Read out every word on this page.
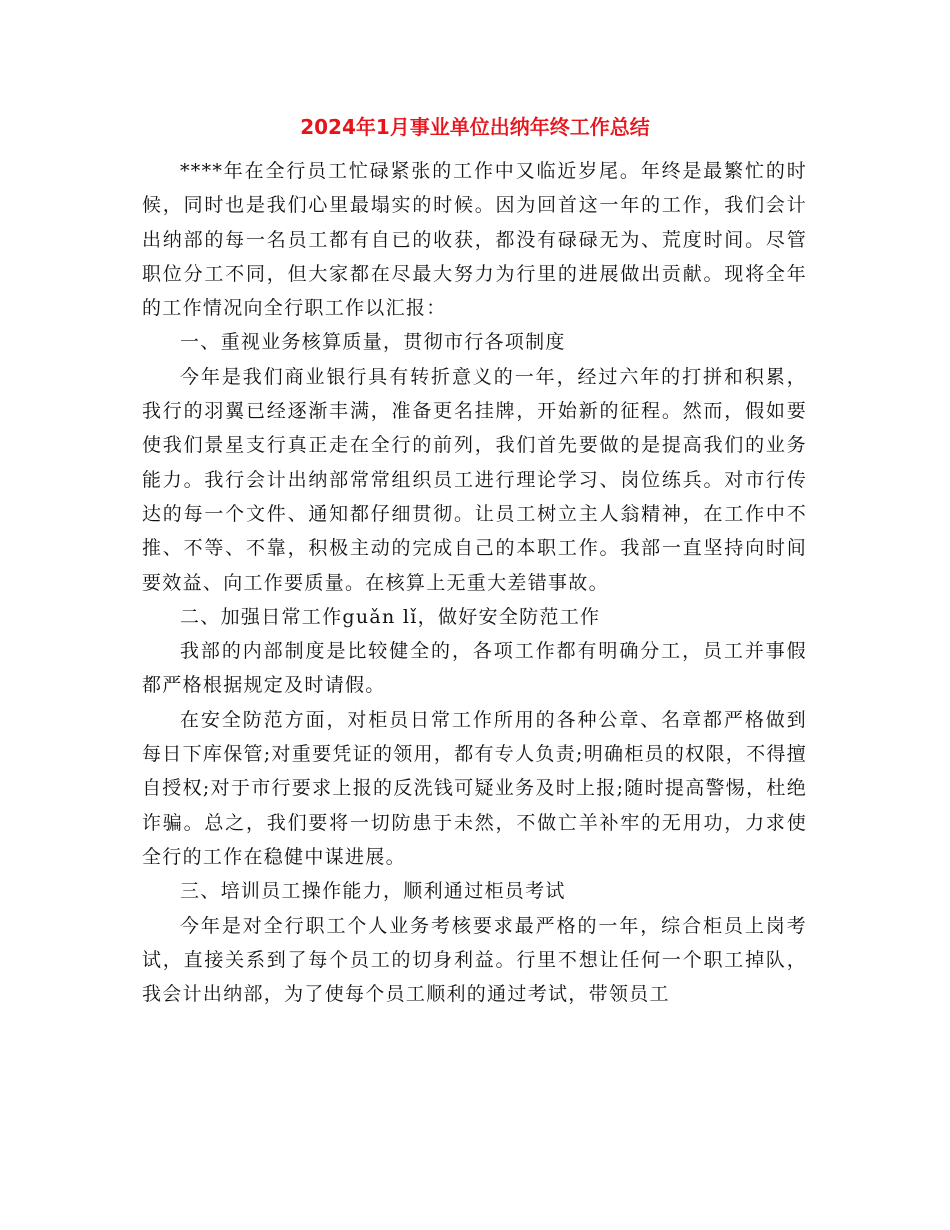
2024年1月事业单位出纳年终工作总结

****年在全行员工忙碌紧张的工作中又临近岁尾。年终是最繁忙的时候，同时也是我们心里最塌实的时候。因为回首这一年的工作，我们会计出纳部的每一名员工都有自已的收获，都没有碌碌无为、荒度时间。尽管职位分工不同，但大家都在尽最大努力为行里的进展做出贡献。现将全年的工作情况向全行职工作以汇报：

一、重视业务核算质量，贯彻市行各项制度

今年是我们商业银行具有转折意义的一年，经过六年的打拼和积累，我行的羽翼已经逐渐丰满，准备更名挂牌，开始新的征程。然而，假如要使我们景星支行真正走在全行的前列，我们首先要做的是提高我们的业务能力。我行会计出纳部常常组织员工进行理论学习、岗位练兵。对市行传达的每一个文件、通知都仔细贯彻。让员工树立主人翁精神，在工作中不推、不等、不靠，积极主动的完成自己的本职工作。我部一直坚持向时间要效益、向工作要质量。在核算上无重大差错事故。

二、加强日常工作guǎn lǐ，做好安全防范工作

我部的内部制度是比较健全的，各项工作都有明确分工，员工并事假都严格根据规定及时请假。

在安全防范方面，对柜员日常工作所用的各种公章、名章都严格做到每日下库保管;对重要凭证的领用，都有专人负责;明确柜员的权限，不得擅自授权;对于市行要求上报的反洗钱可疑业务及时上报;随时提高警惕，杜绝诈骗。总之，我们要将一切防患于未然，不做亡羊补牢的无用功，力求使全行的工作在稳健中谋进展。

三、培训员工操作能力，顺利通过柜员考试

今年是对全行职工个人业务考核要求最严格的一年，综合柜员上岗考试，直接关系到了每个员工的切身利益。行里不想让任何一个职工掉队，我会计出纳部，为了使每个员工顺利的通过考试，带领员工
